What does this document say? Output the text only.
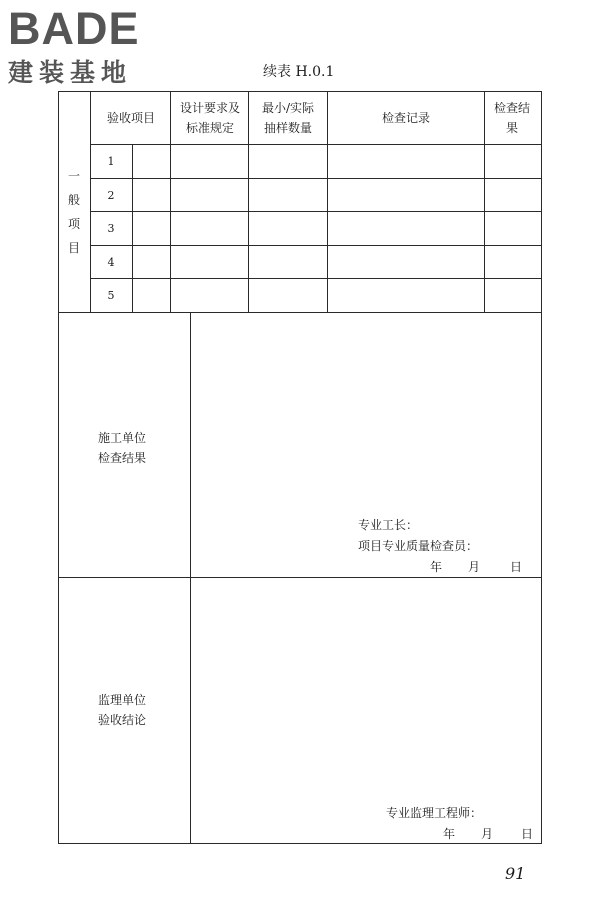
BADE
建装基地	续表 H.0.1
验收项目
设计要求及标准规定
最小/实际抽样数量
检查记录
检查结果
一
般
项
目
1
2
3
4
5
施工单位检查结果
专业工长：
项目专业质量检查员：
年 月 日
监理单位验收结论
专业监理工程师：
年 月 日
91
